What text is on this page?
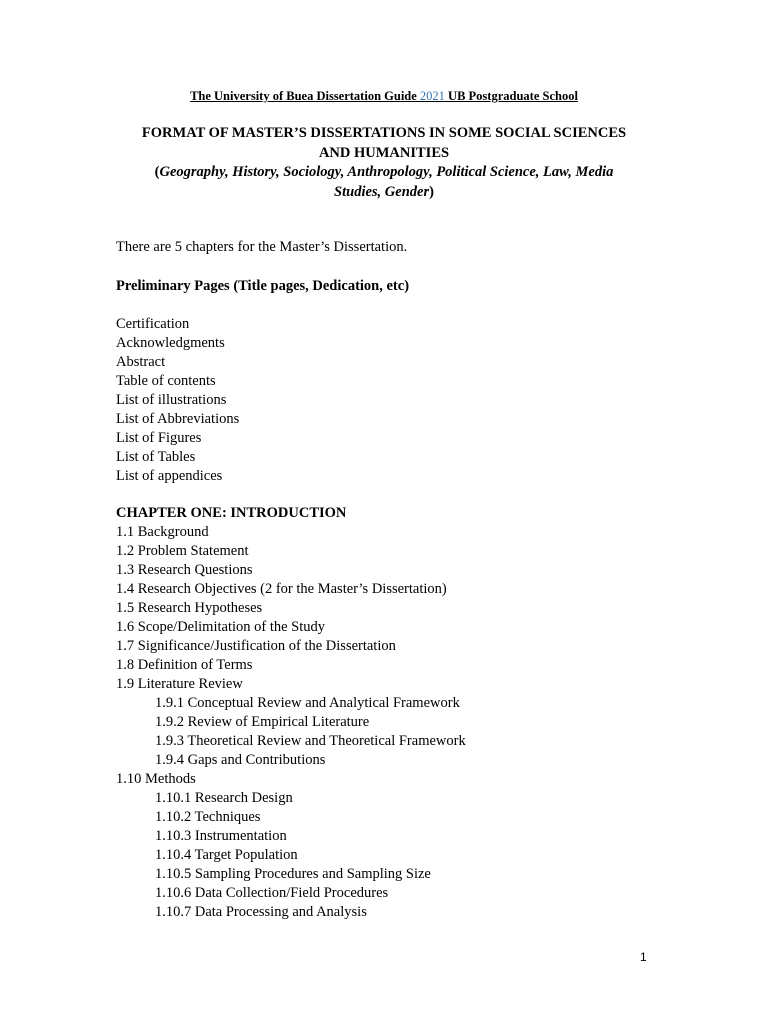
The University of Buea Dissertation Guide 2021 UB Postgraduate School
FORMAT OF MASTER’S DISSERTATIONS IN SOME SOCIAL SCIENCES
AND HUMANITIES
(Geography, History, Sociology, Anthropology, Political Science, Law, Media
Studies, Gender)
There are 5 chapters for the Master’s Dissertation.
Preliminary Pages (Title pages, Dedication, etc)
Certification
Acknowledgments
Abstract
Table of contents
List of illustrations
List of Abbreviations
List of Figures
List of Tables
List of appendices
CHAPTER ONE: INTRODUCTION
1.1 Background
1.2 Problem Statement
1.3 Research Questions
1.4 Research Objectives (2 for the Master’s Dissertation)
1.5 Research Hypotheses
1.6 Scope/Delimitation of the Study
1.7 Significance/Justification of the Dissertation
1.8 Definition of Terms
1.9 Literature Review
1.9.1 Conceptual Review and Analytical Framework
1.9.2 Review of Empirical Literature
1.9.3 Theoretical Review and Theoretical Framework
1.9.4 Gaps and Contributions
1.10 Methods
1.10.1 Research Design
1.10.2 Techniques
1.10.3 Instrumentation
1.10.4 Target Population
1.10.5 Sampling Procedures and Sampling Size
1.10.6 Data Collection/Field Procedures
1.10.7 Data Processing and Analysis
1
